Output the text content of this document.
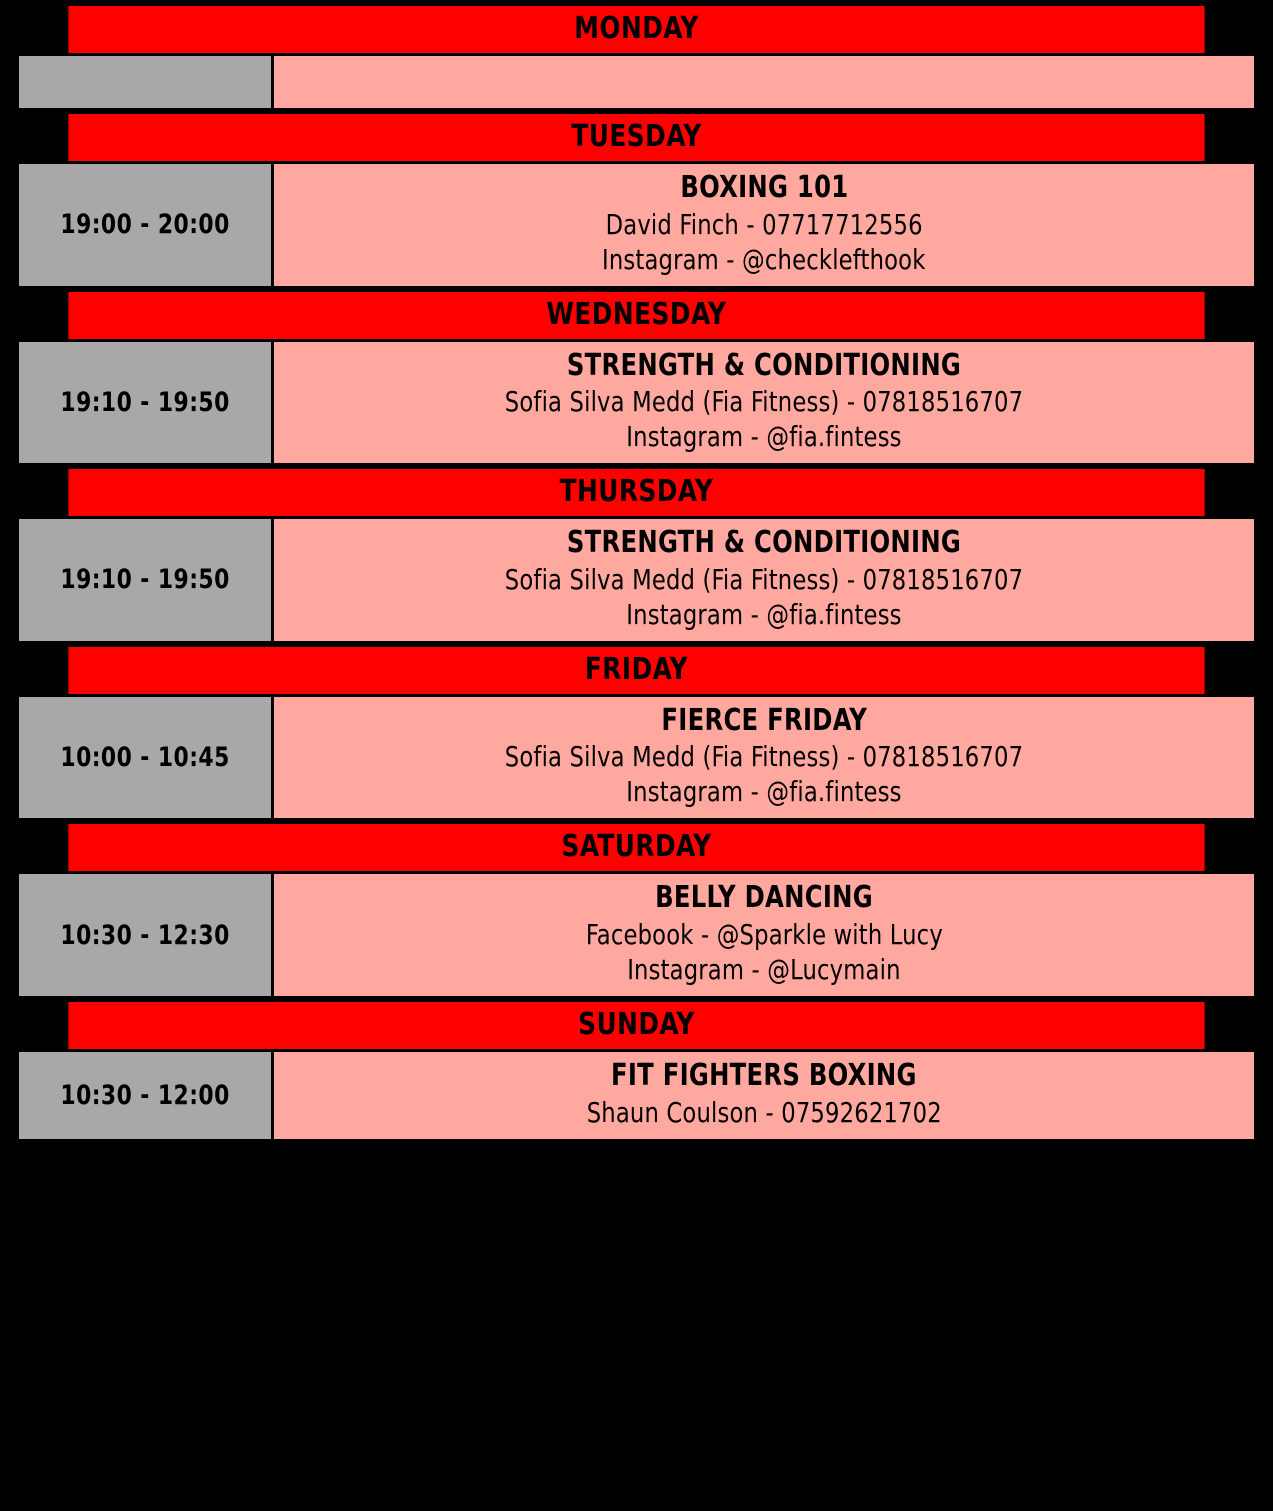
MONDAY
TUESDAY
19:00 - 20:00
BOXING 101
David Finch - 07717712556
Instagram - @checklefthook
WEDNESDAY
19:10 - 19:50
STRENGTH & CONDITIONING
Sofia Silva Medd (Fia Fitness) - 07818516707
Instagram - @fia.fintess
THURSDAY
19:10 - 19:50
STRENGTH & CONDITIONING
Sofia Silva Medd (Fia Fitness) - 07818516707
Instagram - @fia.fintess
FRIDAY
10:00 - 10:45
FIERCE FRIDAY
Sofia Silva Medd (Fia Fitness) - 07818516707
Instagram - @fia.fintess
SATURDAY
10:30 - 12:30
BELLY DANCING
Facebook - @Sparkle with Lucy
Instagram - @Lucymain
SUNDAY
10:30 - 12:00
FIT FIGHTERS BOXING
Shaun Coulson - 07592621702
